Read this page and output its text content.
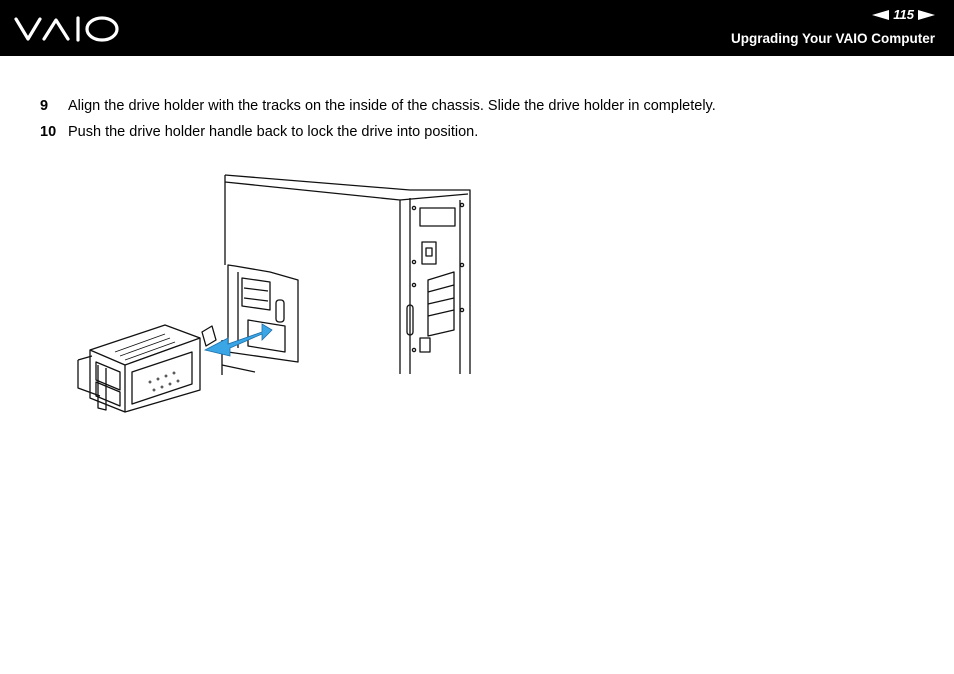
115
Upgrading Your VAIO Computer
9	Align the drive holder with the tracks on the inside of the chassis. Slide the drive holder in completely.
10 Push the drive holder handle back to lock the drive into position.
